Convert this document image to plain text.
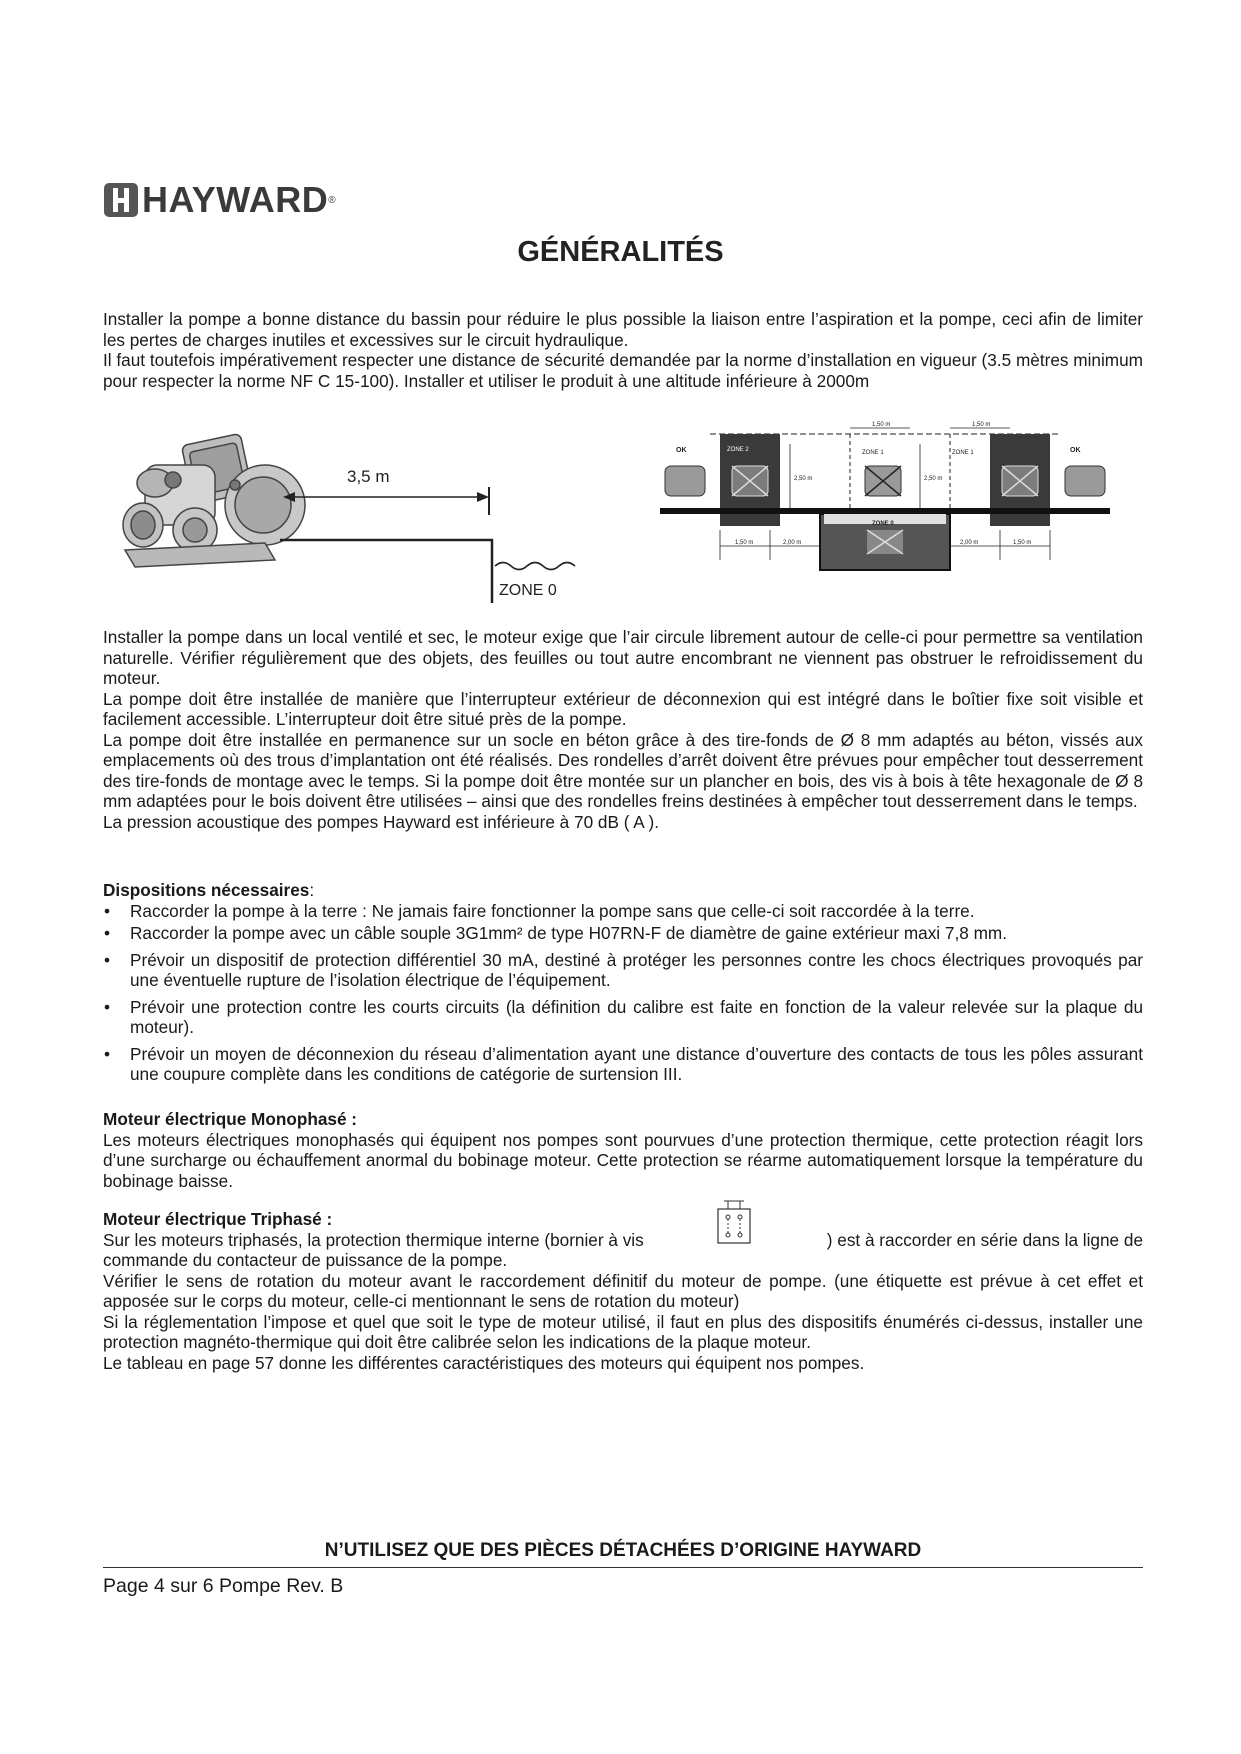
HAYWARD ®
GÉNÉRALITÉS

Installer la pompe a bonne distance du bassin pour réduire le plus possible la liaison entre l’aspiration et la pompe, ceci afin de limiter les pertes de charges inutiles et excessives sur le circuit hydraulique.

Il faut toutefois impérativement respecter une distance de sécurité demandée par la norme d’installation en vigueur (3.5 mètres minimum pour respecter la norme NF C 15-100). Installer et utiliser le produit à une altitude inférieure à 2000m

3,5 m
ZONE 0
1,50 m	1,50 m
ZONE 2	ZONE 1	ZONE 1
2,50 m	2,50 m
OK	OK
ZONE 0
1,50 m	2,00 m	2,00 m	1,50 m

Installer la pompe dans un local ventilé et sec, le moteur exige que l’air circule librement autour de celle-ci pour permettre sa ventilation naturelle. Vérifier régulièrement que des objets, des feuilles ou tout autre encombrant ne viennent pas obstruer le refroidissement du moteur.

La pompe doit être installée de manière que l’interrupteur extérieur de déconnexion qui est intégré dans le boîtier fixe soit visible et facilement accessible. L’interrupteur doit être situé près de la pompe.

La pompe doit être installée en permanence sur un socle en béton grâce à des tire-fonds de Ø 8 mm adaptés au béton, vissés aux emplacements où des trous d’implantation ont été réalisés. Des rondelles d’arrêt doivent être prévues pour empêcher tout desserrement des tire-fonds de montage avec le temps. Si la pompe doit être montée sur un plancher en bois, des vis à bois à tête hexagonale de Ø 8 mm adaptées pour le bois doivent être utilisées – ainsi que des rondelles freins destinées à empêcher tout desserrement dans le temps.

La pression acoustique des pompes Hayward est inférieure à 70 dB ( A ).

Dispositions nécessaires:

• Raccorder la pompe à la terre : Ne jamais faire fonctionner la pompe sans que celle-ci soit raccordée à la terre.
• Raccorder la pompe avec un câble souple 3G1mm² de type H07RN-F de diamètre de gaine extérieur maxi 7,8 mm.
• Prévoir un dispositif de protection différentiel 30 mA, destiné à protéger les personnes contre les chocs électriques provoqués par une éventuelle rupture de l’isolation électrique de l’équipement.
• Prévoir une protection contre les courts circuits (la définition du calibre est faite en fonction de la valeur relevée sur la plaque du moteur).
• Prévoir un moyen de déconnexion du réseau d’alimentation ayant une distance d’ouverture des contacts de tous les pôles assurant une coupure complète dans les conditions de catégorie de surtension III.

Moteur électrique Monophasé :

Les moteurs électriques monophasés qui équipent nos pompes sont pourvues d’une protection thermique, cette protection réagit lors d’une surcharge ou échauffement anormal du bobinage moteur. Cette protection se réarme automatiquement lorsque la température du bobinage baisse.

Moteur électrique Triphasé :

Sur les moteurs triphasés, la protection thermique interne (bornier à vis	) est à raccorder en série dans la ligne de

commande du contacteur de puissance de la pompe.

Vérifier le sens de rotation du moteur avant le raccordement définitif du moteur de pompe. (une étiquette est prévue à cet effet et apposée sur le corps du moteur, celle-ci mentionnant le sens de rotation du moteur)

Si la réglementation l’impose et quel que soit le type de moteur utilisé, il faut en plus des dispositifs énumérés ci-dessus, installer une protection magnéto-thermique qui doit être calibrée selon les indications de la plaque moteur.

Le tableau en page 57 donne les différentes caractéristiques des moteurs qui équipent nos pompes.

N’UTILISEZ QUE DES PIÈCES DÉTACHÉES D’ORIGINE HAYWARD
Page 4 sur 6 Pompe Rev. B
